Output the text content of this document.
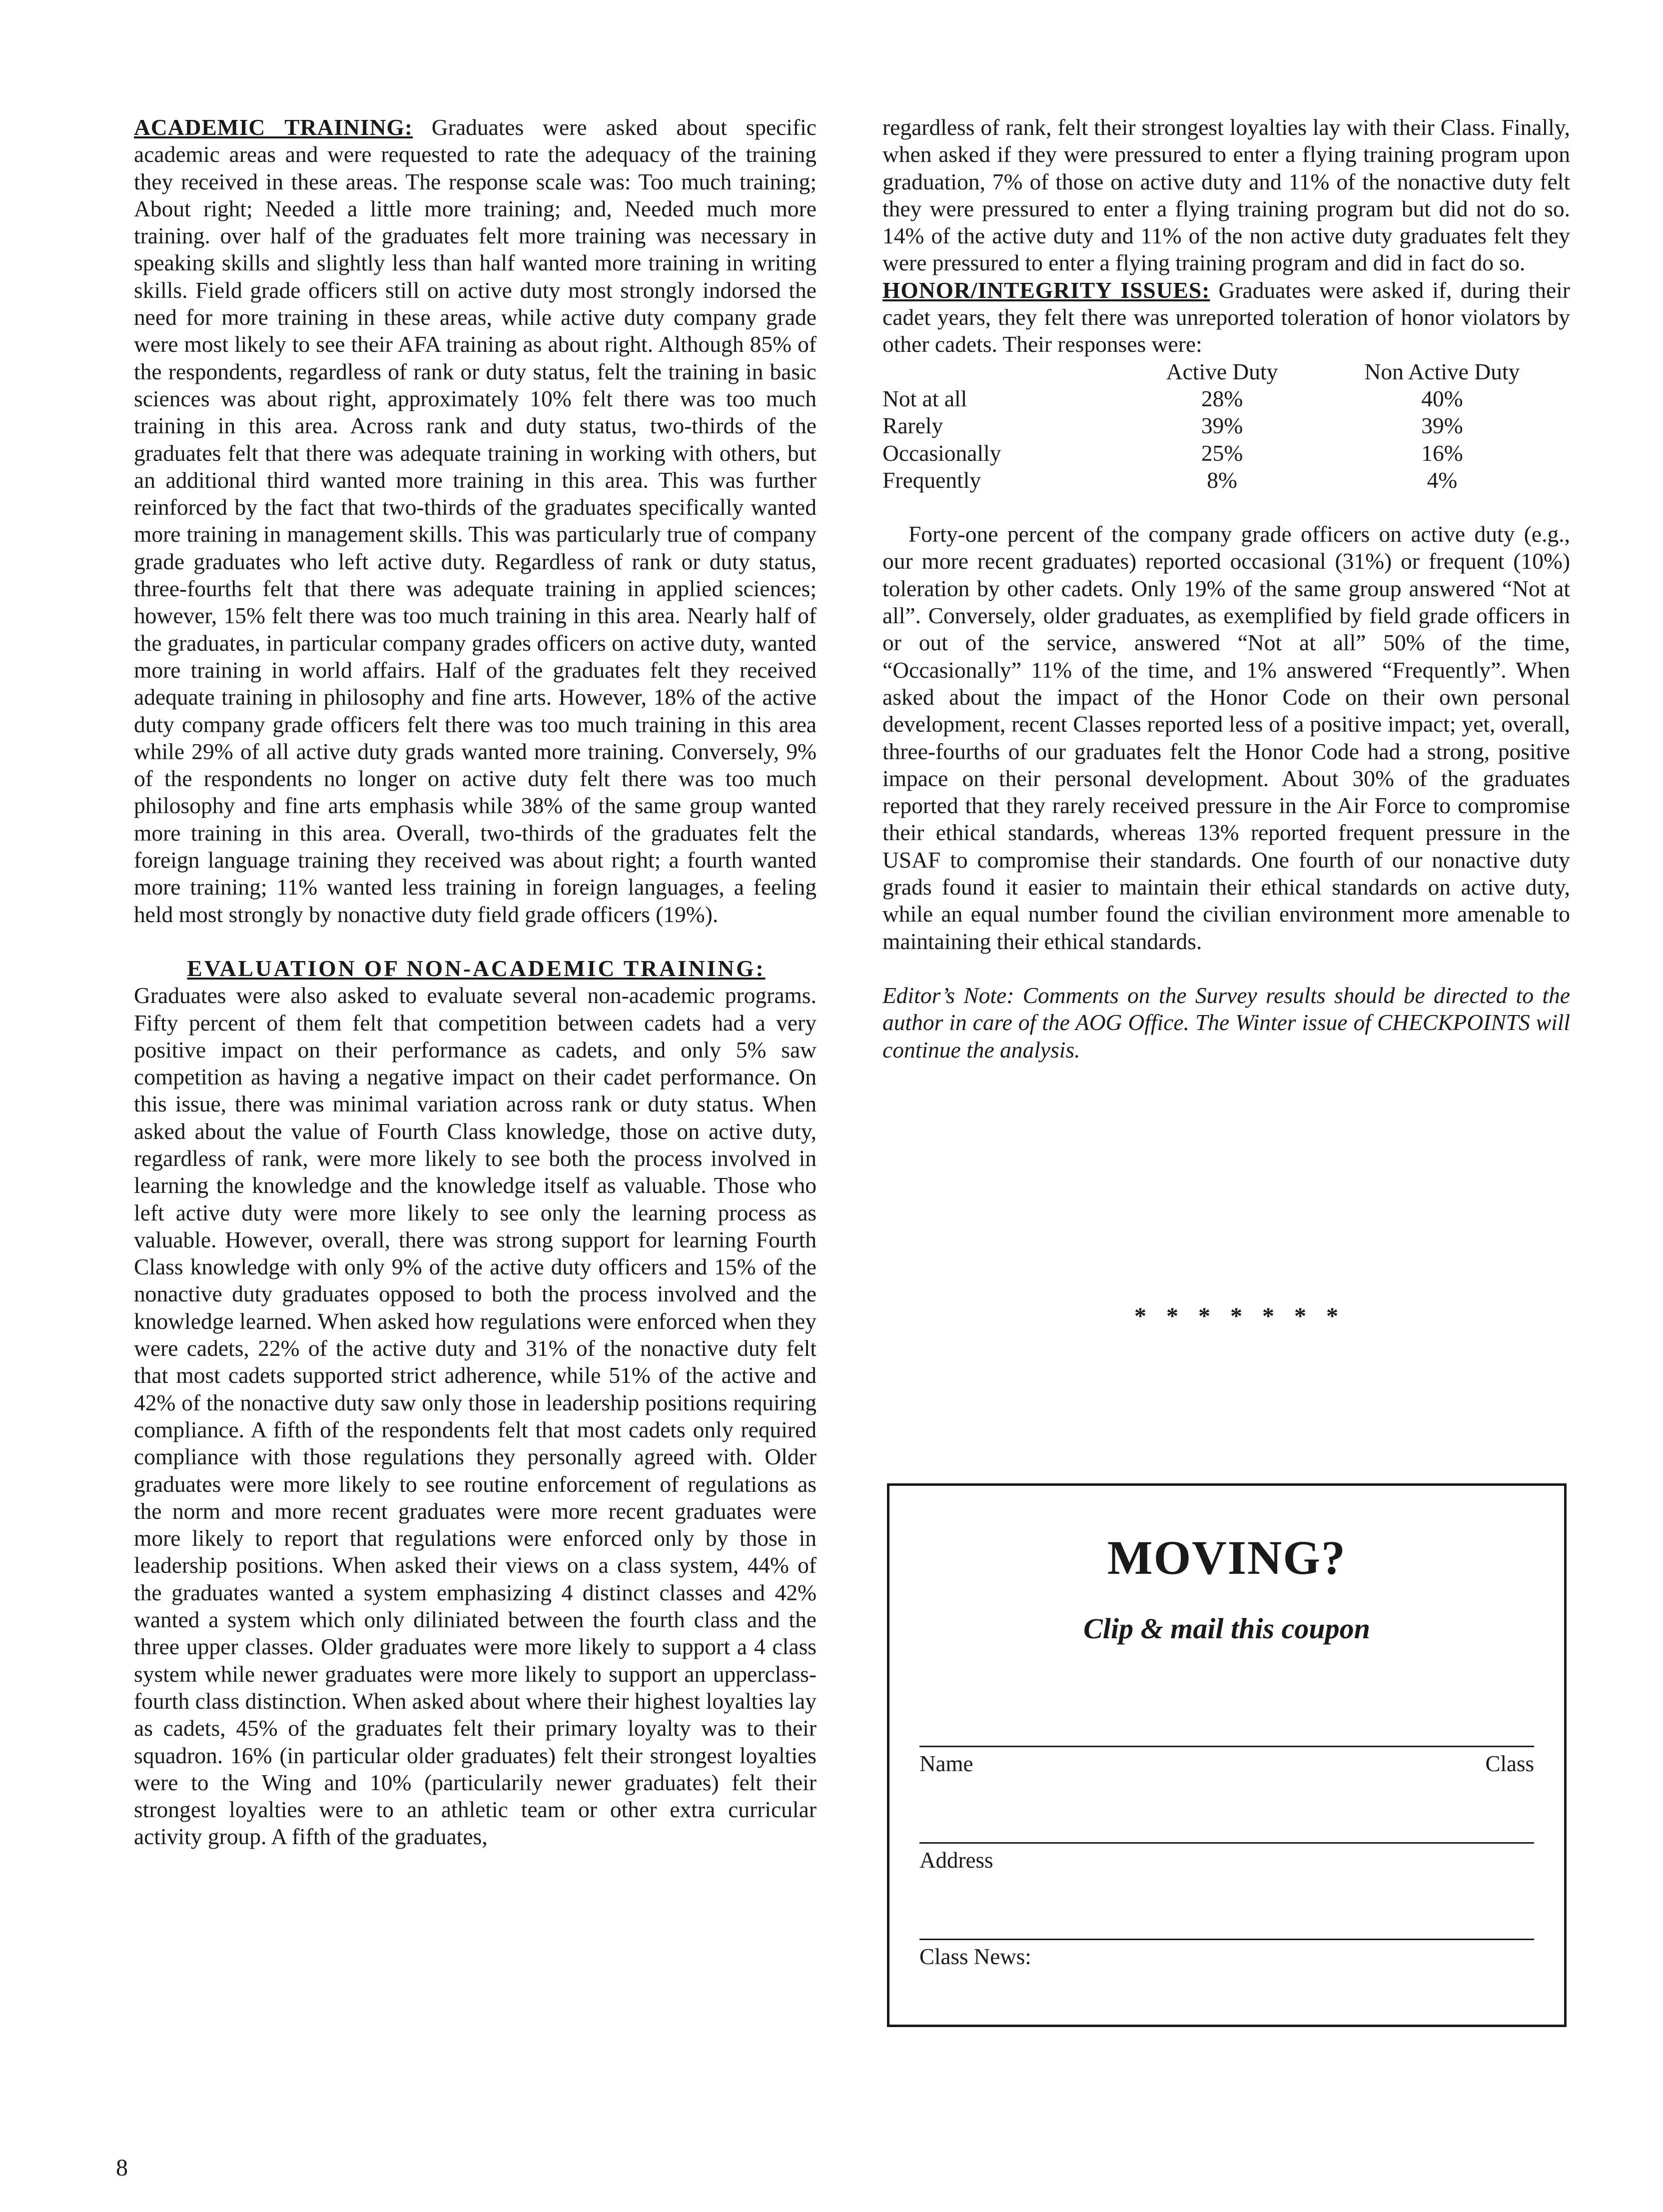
ACADEMIC TRAINING: Graduates were asked about specific academic areas and were requested to rate the adequacy of the training they received in these areas. The response scale was: Too much training; About right; Needed a little more training; and, Needed much more training. over half of the graduates felt more training was necessary in speaking skills and slightly less than half wanted more training in writing skills. Field grade officers still on active duty most strongly indorsed the need for more training in these areas, while active duty company grade were most likely to see their AFA training as about right. Although 85% of the respondents, regardless of rank or duty status, felt the training in basic sciences was about right, approximately 10% felt there was too much training in this area. Across rank and duty status, two-thirds of the graduates felt that there was adequate training in working with others, but an additional third wanted more training in this area. This was further reinforced by the fact that two-thirds of the graduates specifically wanted more training in management skills. This was particularly true of company grade graduates who left active duty. Regardless of rank or duty status, three-fourths felt that there was adequate training in applied sciences; however, 15% felt there was too much training in this area. Nearly half of the graduates, in particular company grades officers on active duty, wanted more training in world affairs. Half of the graduates felt they received adequate training in philosophy and fine arts. However, 18% of the active duty company grade officers felt there was too much training in this area while 29% of all active duty grads wanted more training. Conversely, 9% of the respondents no longer on active duty felt there was too much philosophy and fine arts emphasis while 38% of the same group wanted more training in this area. Overall, two-thirds of the graduates felt the foreign language training they received was about right; a fourth wanted more training; 11% wanted less training in foreign languages, a feeling held most strongly by nonactive duty field grade officers (19%).

EVALUATION OF NON-ACADEMIC TRAINING:
Graduates were also asked to evaluate several non-academic programs. Fifty percent of them felt that competition between cadets had a very positive impact on their performance as cadets, and only 5% saw competition as having a negative impact on their cadet performance. On this issue, there was minimal variation across rank or duty status. When asked about the value of Fourth Class knowledge, those on active duty, regardless of rank, were more likely to see both the process involved in learning the knowledge and the knowledge itself as valuable. Those who left active duty were more likely to see only the learning process as valuable. However, overall, there was strong support for learning Fourth Class knowledge with only 9% of the active duty officers and 15% of the nonactive duty graduates opposed to both the process involved and the knowledge learned. When asked how regulations were enforced when they were cadets, 22% of the active duty and 31% of the nonactive duty felt that most cadets supported strict adherence, while 51% of the active and 42% of the nonactive duty saw only those in leadership positions requiring compliance. A fifth of the respondents felt that most cadets only required compliance with those regulations they personally agreed with. Older graduates were more likely to see routine enforcement of regulations as the norm and more recent graduates were more recent graduates were more likely to report that regulations were enforced only by those in leadership positions. When asked their views on a class system, 44% of the graduates wanted a system emphasizing 4 distinct classes and 42% wanted a system which only diliniated between the fourth class and the three upper classes. Older graduates were more likely to support a 4 class system while newer graduates were more likely to support an upperclass-fourth class distinction. When asked about where their highest loyalties lay as cadets, 45% of the graduates felt their primary loyalty was to their squadron. 16% (in particular older graduates) felt their strongest loyalties were to the Wing and 10% (particularily newer graduates) felt their strongest loyalties were to an athletic team or other extra curricular activity group. A fifth of the graduates,

regardless of rank, felt their strongest loyalties lay with their Class. Finally, when asked if they were pressured to enter a flying training program upon graduation, 7% of those on active duty and 11% of the nonactive duty felt they were pressured to enter a flying training program but did not do so. 14% of the active duty and 11% of the non active duty graduates felt they were pressured to enter a flying training program and did in fact do so.

HONOR/INTEGRITY ISSUES: Graduates were asked if, during their cadet years, they felt there was unreported toleration of honor violators by other cadets. Their responses were:

	Active Duty	Non Active Duty
Not at all	28%	40%
Rarely	39%	39%
Occasionally	25%	16%
Frequently	8%	4%

Forty-one percent of the company grade officers on active duty (e.g., our more recent graduates) reported occasional (31%) or frequent (10%) toleration by other cadets. Only 19% of the same group answered “Not at all”. Conversely, older graduates, as exemplified by field grade officers in or out of the service, answered “Not at all” 50% of the time, “Occasionally” 11% of the time, and 1% answered “Frequently”. When asked about the impact of the Honor Code on their own personal development, recent Classes reported less of a positive impact; yet, overall, three-fourths of our graduates felt the Honor Code had a strong, positive impace on their personal development. About 30% of the graduates reported that they rarely received pressure in the Air Force to compromise their ethical standards, whereas 13% reported frequent pressure in the USAF to compromise their standards. One fourth of our nonactive duty grads found it easier to maintain their ethical standards on active duty, while an equal number found the civilian environment more amenable to maintaining their ethical standards.

Editor’s Note: Comments on the Survey results should be directed to the author in care of the AOG Office. The Winter issue of CHECKPOINTS will continue the analysis.

* * * * * * *
MOVING?
Clip & mail this coupon
Name	Class
Address
Class News:
8
